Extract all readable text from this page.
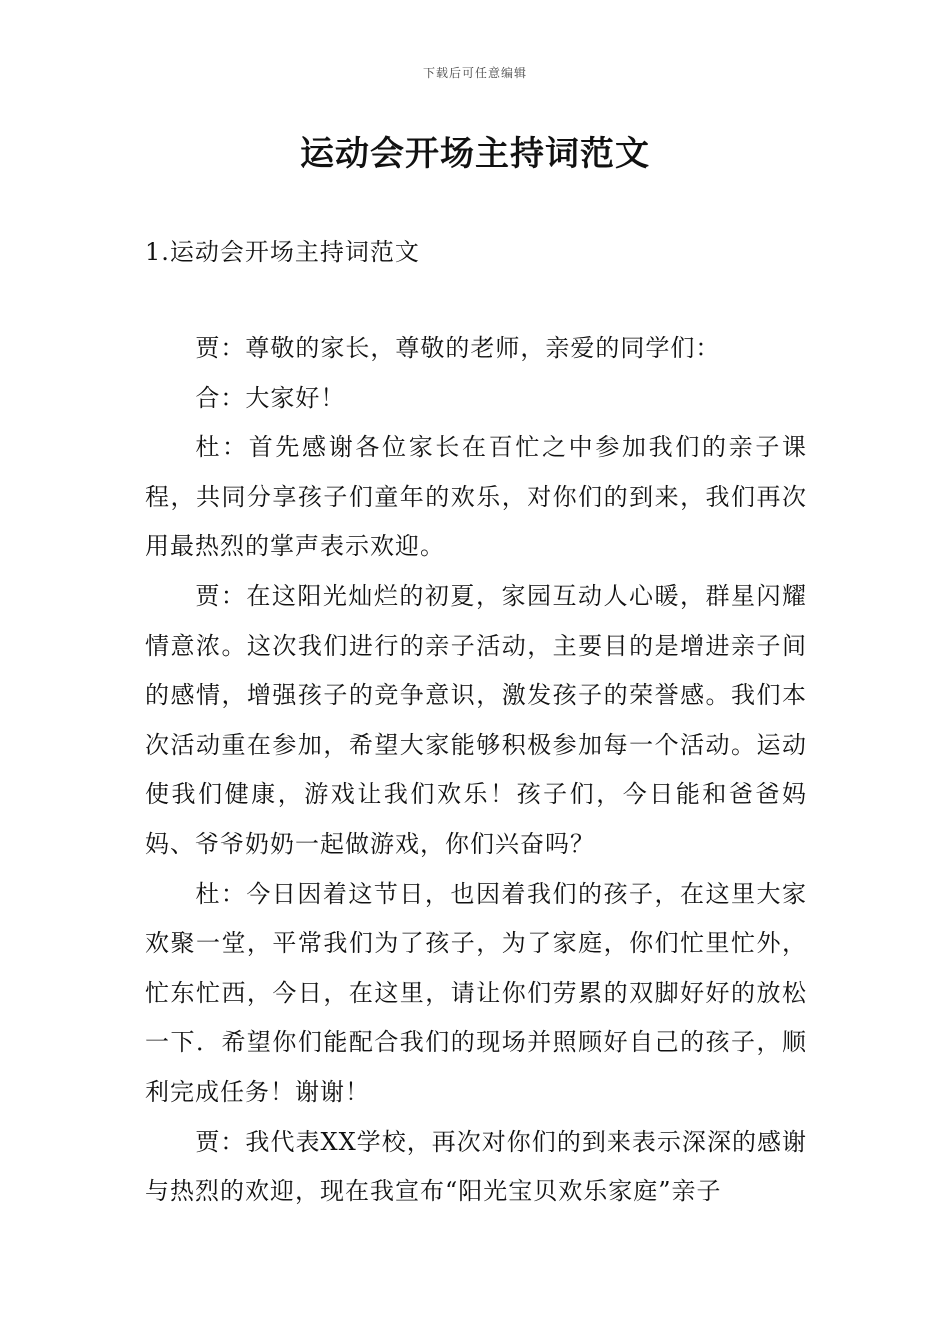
下载后可任意编辑
运动会开场主持词范文
1.运动会开场主持词范文

贾：尊敬的家长，尊敬的老师，亲爱的同学们：

合：大家好！

杜：首先感谢各位家长在百忙之中参加我们的亲子课程，共同分享孩子们童年的欢乐，对你们的到来，我们再次用最热烈的掌声表示欢迎。

贾：在这阳光灿烂的初夏，家园互动人心暖，群星闪耀情意浓。这次我们进行的亲子活动，主要目的是增进亲子间的感情，增强孩子的竞争意识，激发孩子的荣誉感。我们本次活动重在参加，希望大家能够积极参加每一个活动。运动使我们健康，游戏让我们欢乐！孩子们，今日能和爸爸妈妈、爷爷奶奶一起做游戏，你们兴奋吗？

杜：今日因着这节日，也因着我们的孩子，在这里大家欢聚一堂，平常我们为了孩子，为了家庭，你们忙里忙外，忙东忙西，今日，在这里，请让你们劳累的双脚好好的放松一下．希望你们能配合我们的现场并照顾好自己的孩子，顺利完成任务！谢谢！

贾：我代表XX学校，再次对你们的到来表示深深的感谢与热烈的欢迎，现在我宣布“阳光宝贝欢乐家庭”亲子
